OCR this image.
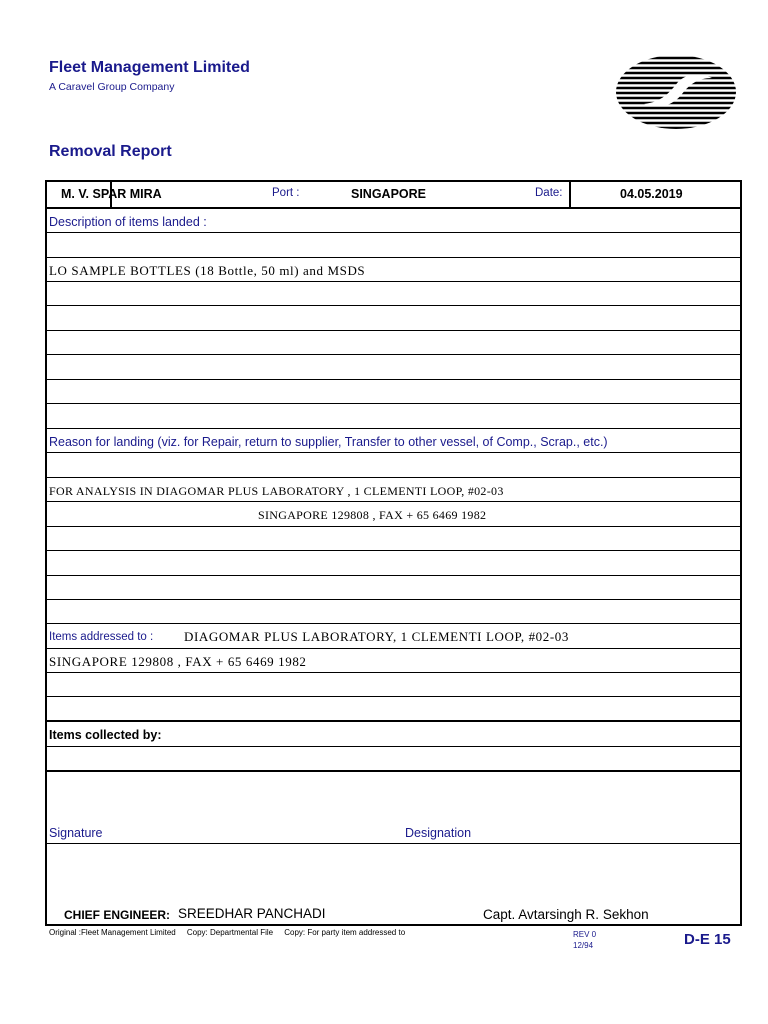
Fleet Management Limited
A Caravel Group Company
Removal Report
M. V. SPAR MIRA	Port :	SINGAPORE	Date:	04.05.2019
Description of items landed :
LO SAMPLE BOTTLES (18 Bottle, 50 ml) and MSDS
Reason for landing (viz. for Repair, return to supplier, Transfer to other vessel, of Comp., Scrap., etc.)
FOR ANALYSIS IN DIAGOMAR PLUS LABORATORY , 1 CLEMENTI LOOP, #02-03
SINGAPORE 129808 , FAX + 65 6469 1982
Items addressed to : DIAGOMAR PLUS LABORATORY, 1 CLEMENTI LOOP, #02-03
SINGAPORE 129808 , FAX + 65 6469 1982
Items collected by:
Signature	Designation
CHIEF ENGINEER: SREEDHAR PANCHADI	Capt. Avtarsingh R. Sekhon
Original :Fleet Management Limited     Copy: Departmental File     Copy: For party item addressed to	REV 0
12/94	D-E 15
